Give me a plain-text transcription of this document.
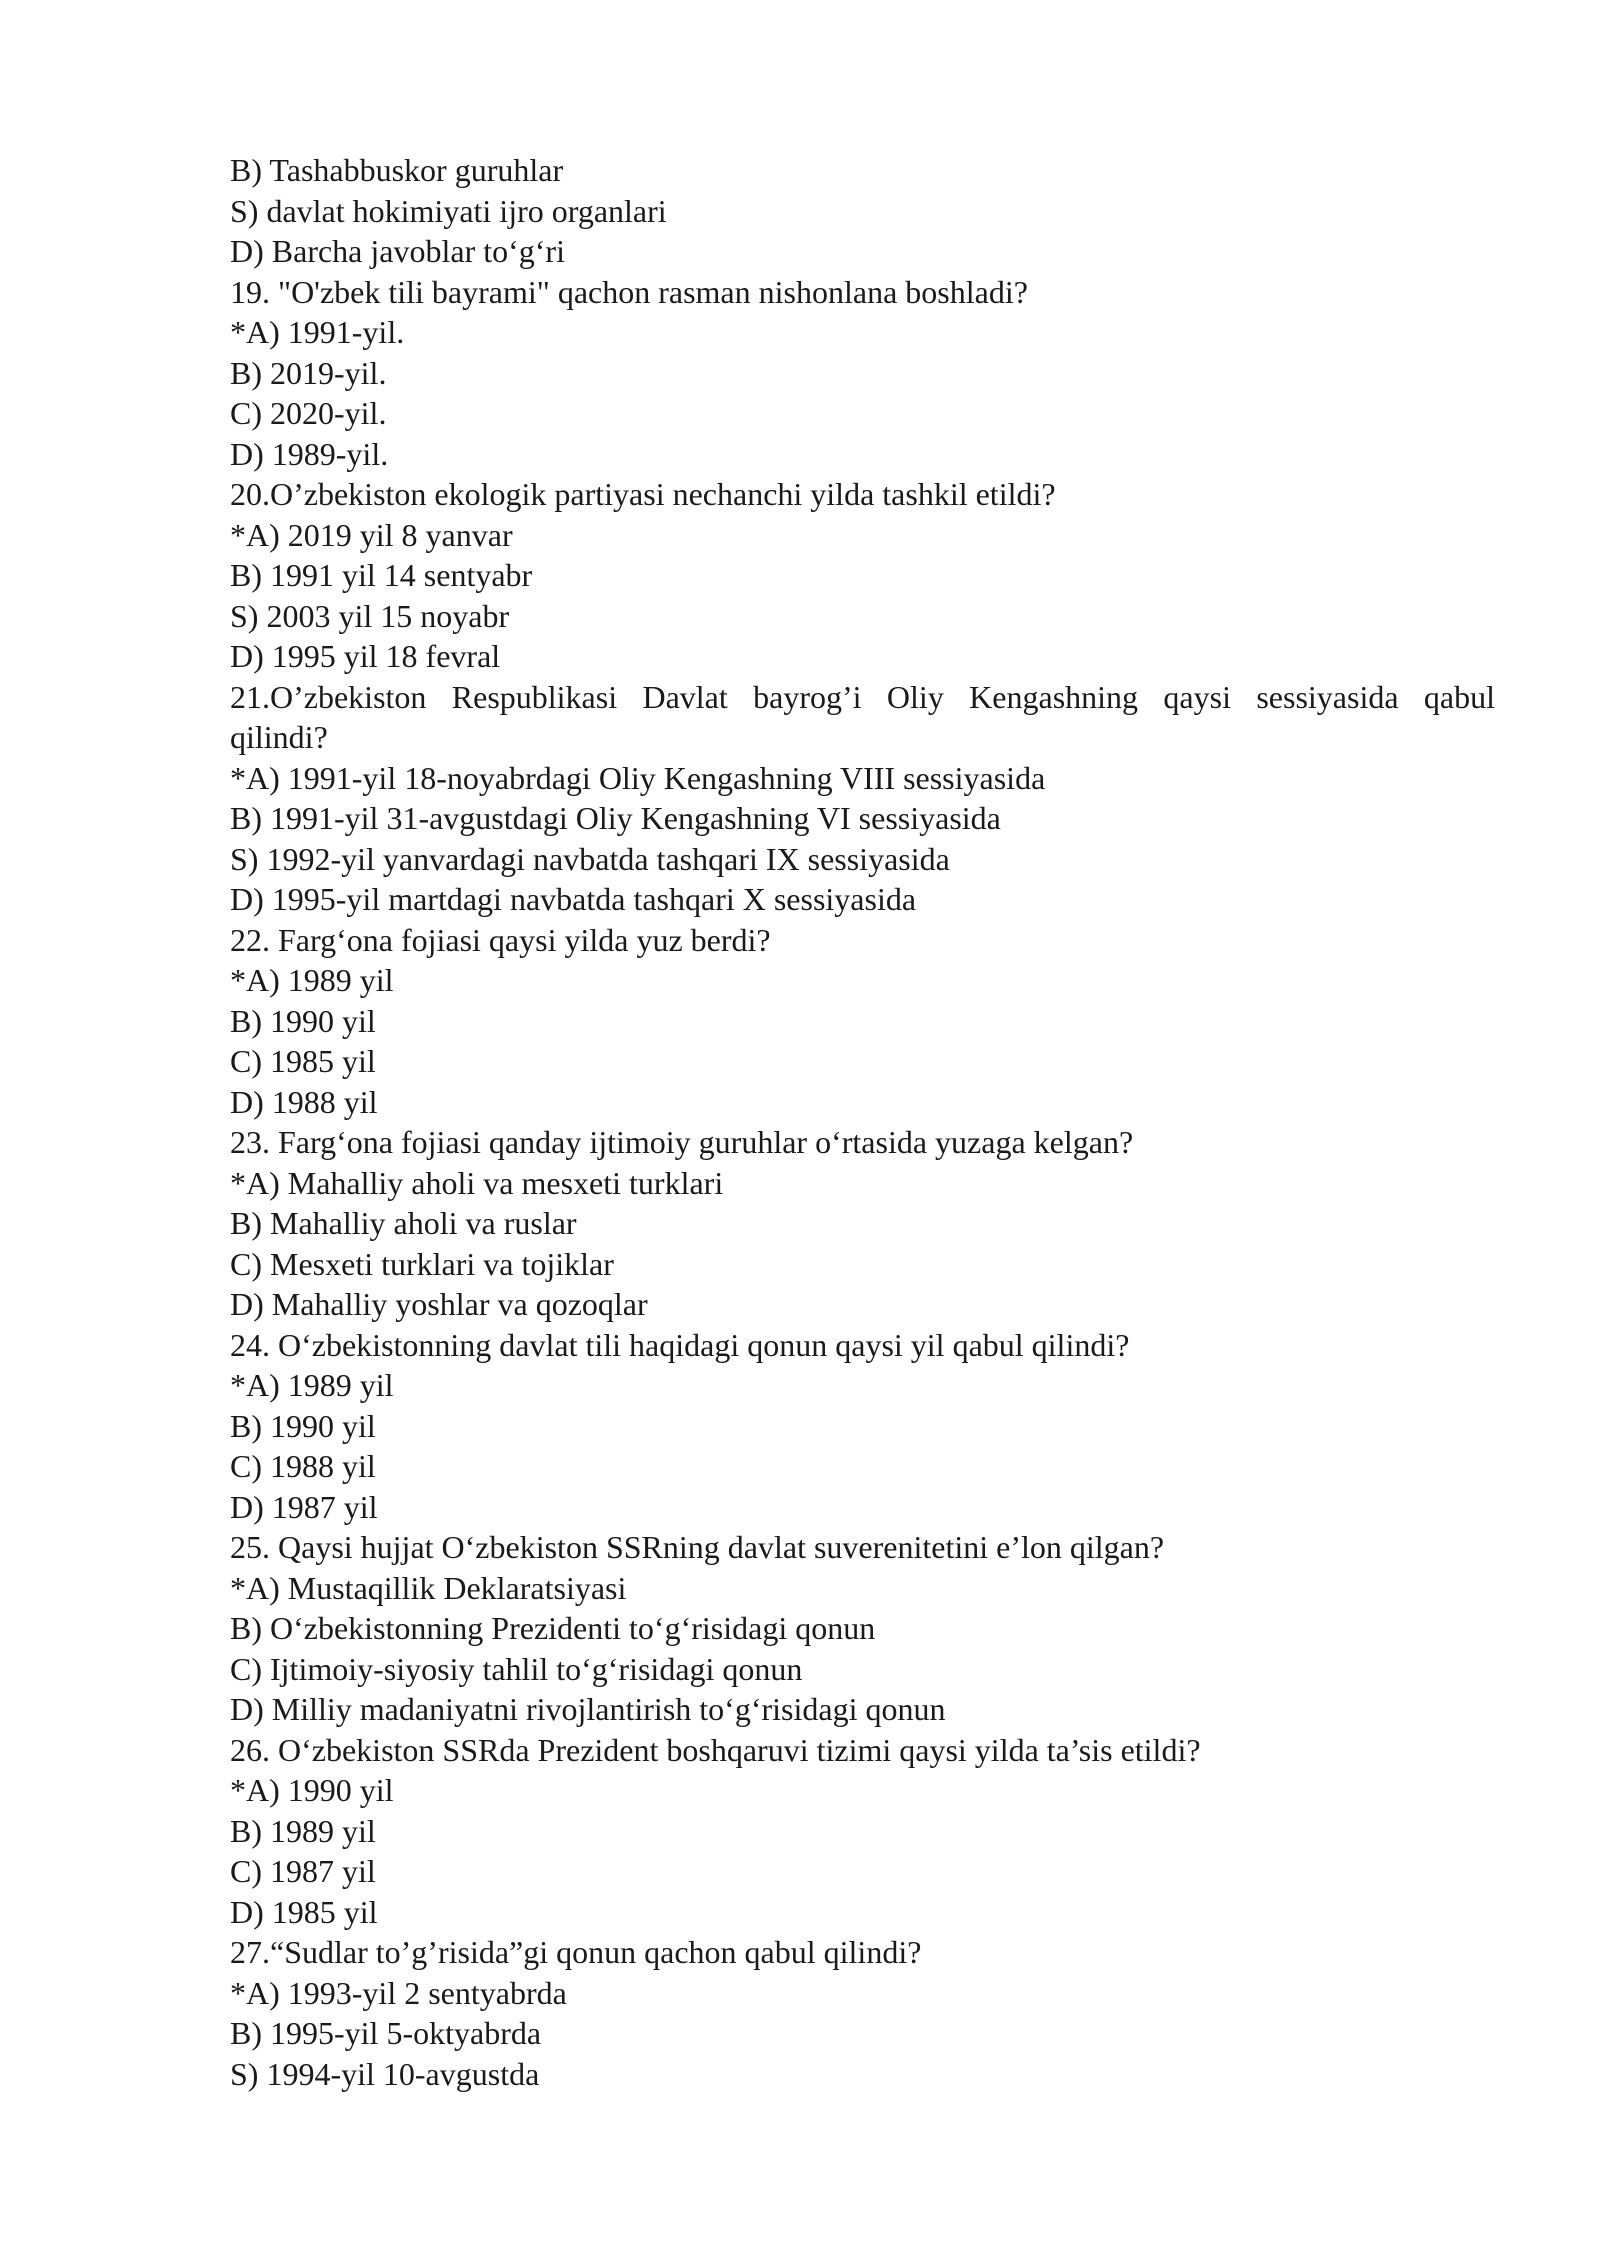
B) Tashabbuskor guruhlar

S) davlat hokimiyati ijro organlari

D) Barcha javoblar to‘g‘ri

19. "O'zbek tili bayrami" qachon rasman nishonlana boshladi?

*A) 1991-yil.

B) 2019-yil.

C) 2020-yil.

D) 1989-yil.

20.O’zbekiston ekologik partiyasi nechanchi yilda tashkil etildi?

*A) 2019 yil 8 yanvar

B) 1991 yil 14 sentyabr

S) 2003 yil 15 noyabr

D) 1995 yil 18 fevral

21.O’zbekiston Respublikasi Davlat bayrog’i Oliy Kengashning qaysi sessiyasida qabul

qilindi?

*A) 1991-yil 18-noyabrdagi Oliy Kengashning VIII sessiyasida

B) 1991-yil 31-avgustdagi Oliy Kengashning VI sessiyasida

S) 1992-yil yanvardagi navbatda tashqari IX sessiyasida

D) 1995-yil martdagi navbatda tashqari X sessiyasida

22. Farg‘ona fojiasi qaysi yilda yuz berdi?

*A) 1989 yil

B) 1990 yil

C) 1985 yil

D) 1988 yil

23. Farg‘ona fojiasi qanday ijtimoiy guruhlar o‘rtasida yuzaga kelgan?

*A) Mahalliy aholi va mesxeti turklari

B) Mahalliy aholi va ruslar

C) Mesxeti turklari va tojiklar

D) Mahalliy yoshlar va qozoqlar

24. O‘zbekistonning davlat tili haqidagi qonun qaysi yil qabul qilindi?

*A) 1989 yil

B) 1990 yil

C) 1988 yil

D) 1987 yil

25. Qaysi hujjat O‘zbekiston SSRning davlat suverenitetini e’lon qilgan?

*A) Mustaqillik Deklaratsiyasi

B) O‘zbekistonning Prezidenti to‘g‘risidagi qonun

C) Ijtimoiy-siyosiy tahlil to‘g‘risidagi qonun

D) Milliy madaniyatni rivojlantirish to‘g‘risidagi qonun

26. O‘zbekiston SSRda Prezident boshqaruvi tizimi qaysi yilda ta’sis etildi?

*A) 1990 yil

B) 1989 yil

C) 1987 yil

D) 1985 yil

27.“Sudlar to’g’risida”gi qonun qachon qabul qilindi?

*A) 1993-yil 2 sentyabrda

B) 1995-yil 5-oktyabrda

S) 1994-yil 10-avgustda
